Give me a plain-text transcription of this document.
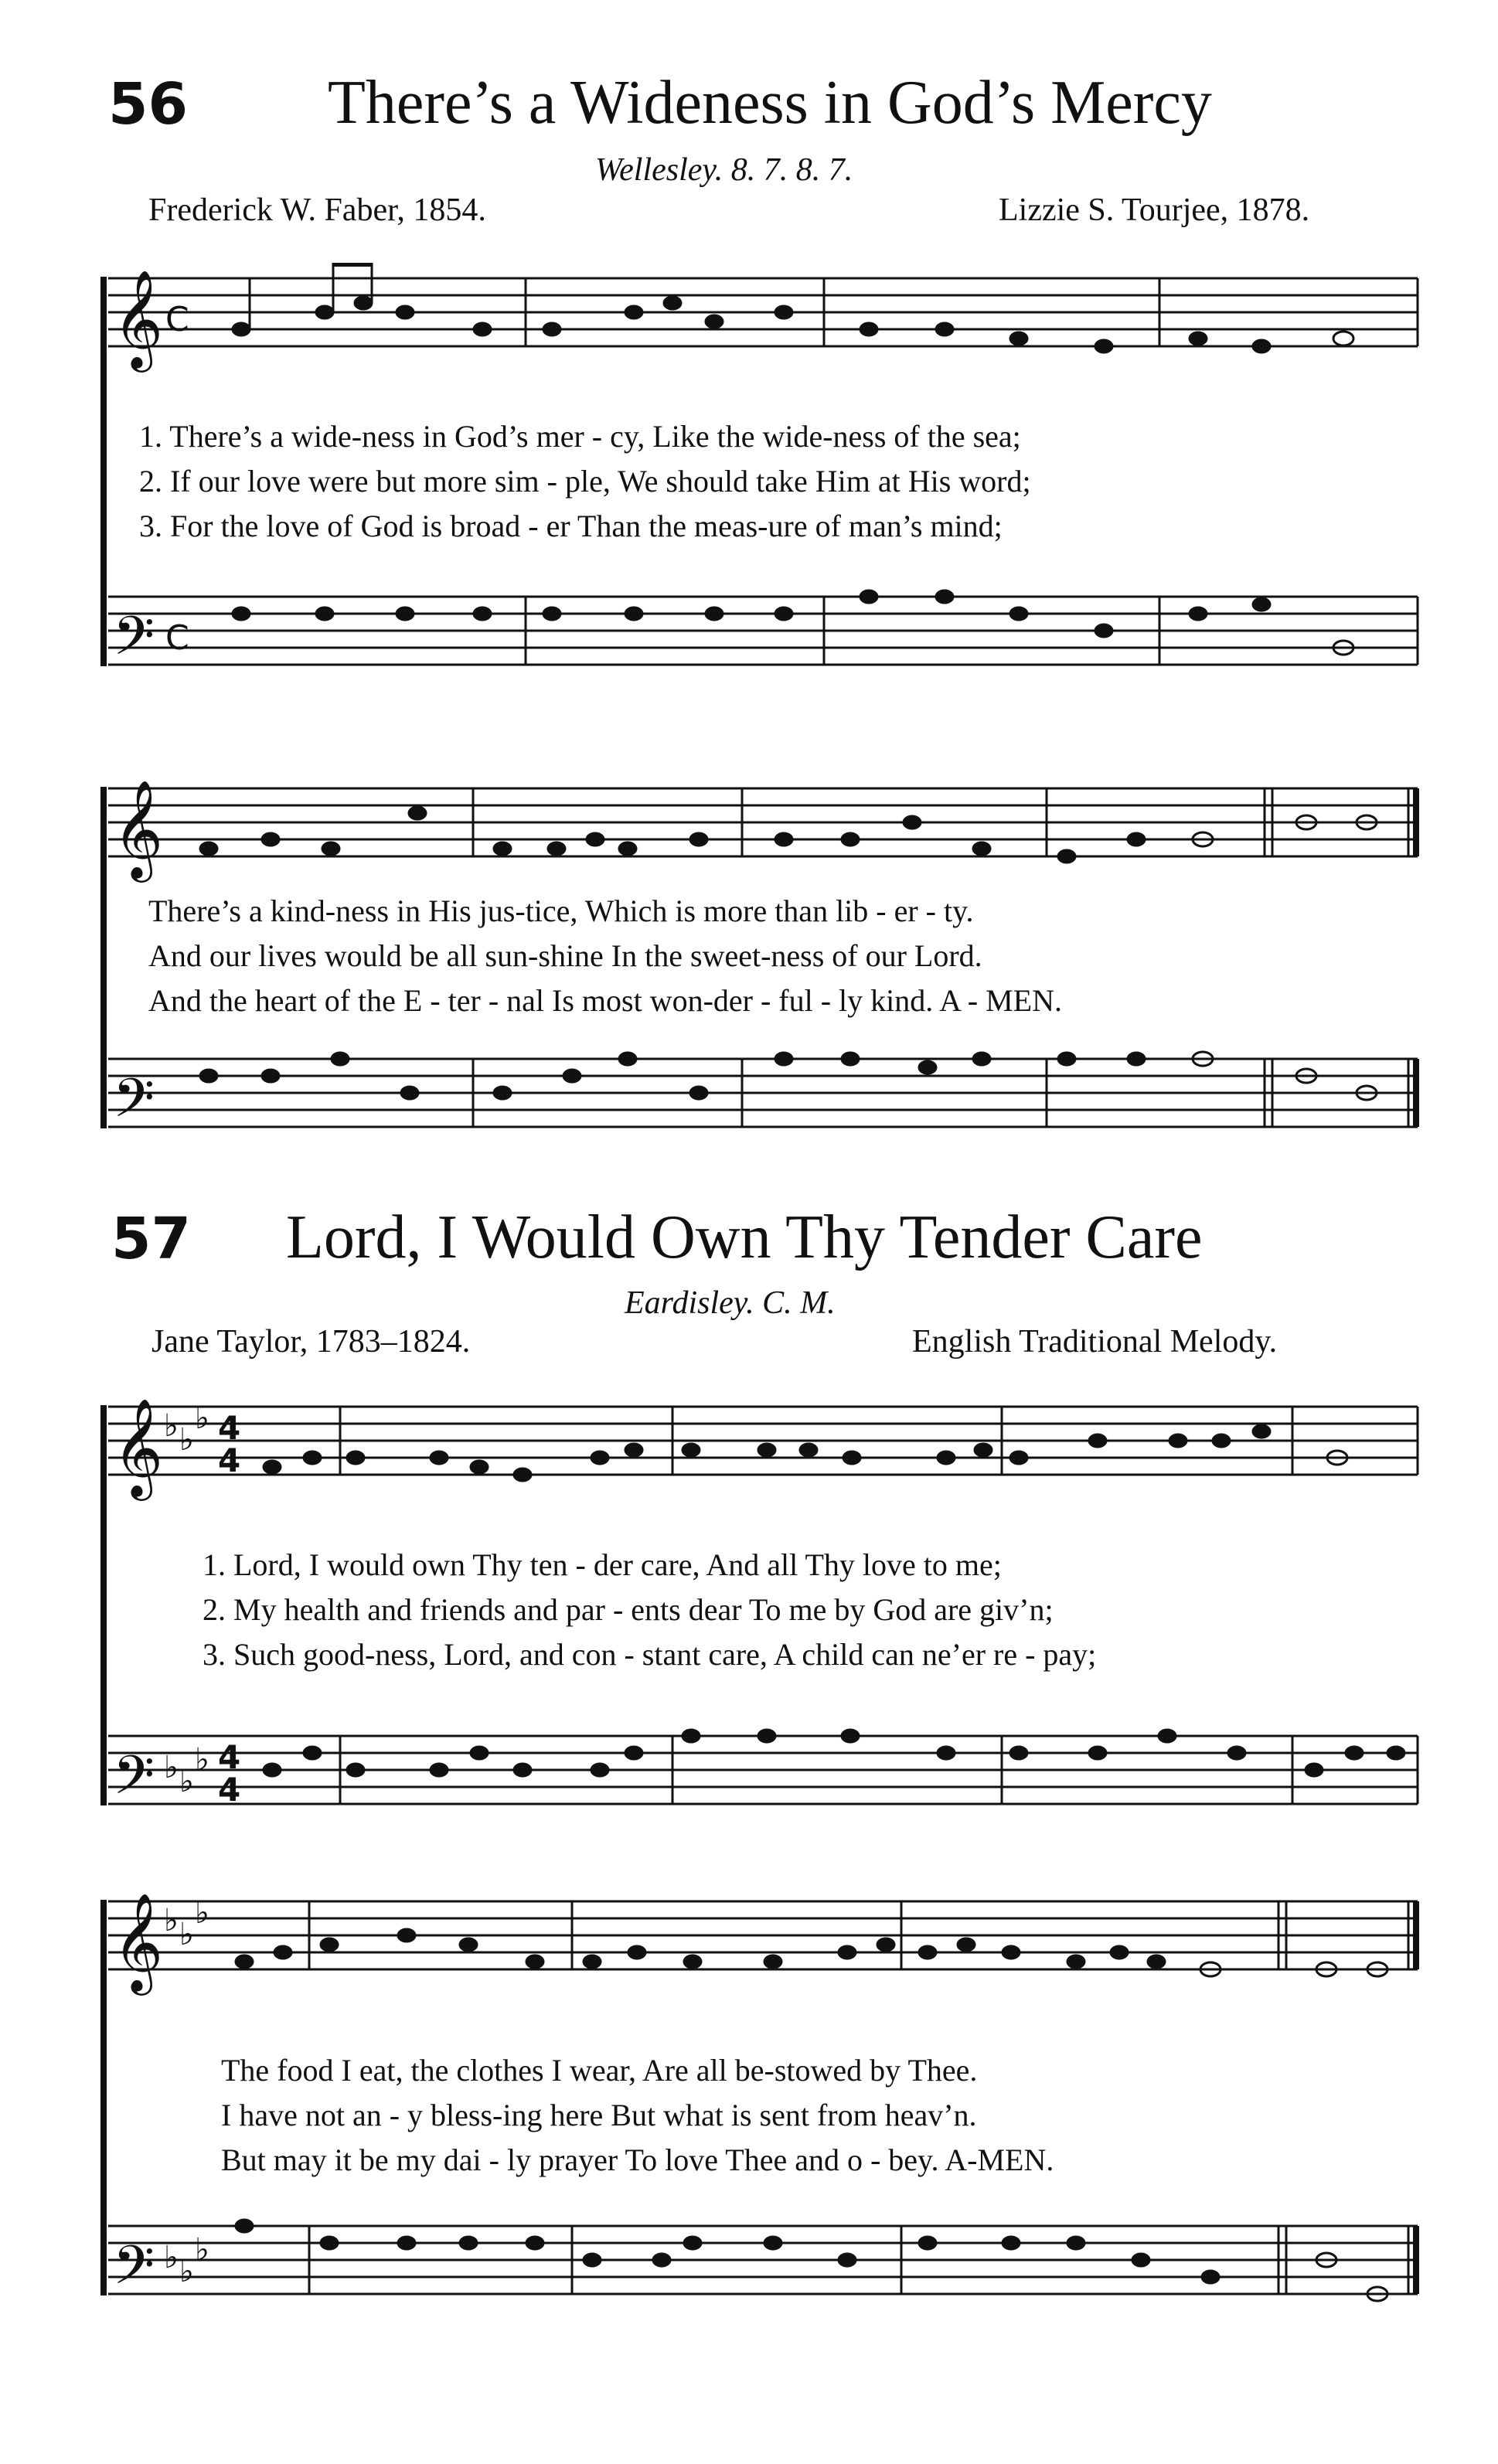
56 There’s a Wideness in God’s Mercy
Wellesley. 8. 7. 8. 7.
Frederick W. Faber, 1854.	Lizzie S. Tourjee, 1878.
𝄞 C
𝄢 C
1. There’s a wide-ness in God’s mer - cy, Like the wide-ness of the sea;
2. If our love were but more sim - ple, We should take Him at His word;
3. For the love of God is broad - er Than the meas-ure of man’s mind;
𝄞
𝄢
There’s a kind-ness in His jus-tice, Which is more than lib - er - ty.
And our lives would be all sun-shine In the sweet-ness of our Lord.
And the heart of the E - ter - nal Is most won-der - ful - ly kind. A - MEN.
57 Lord, I Would Own Thy Tender Care
Eardisley. C. M.
Jane Taylor, 1783–1824.	English Traditional Melody.
𝄞 ♭ ♭
♭ 4
4
𝄢 ♭ ♭
♭ 4
4
1. Lord, I would own Thy ten - der care, And all Thy love to me;
2. My health and friends and par - ents dear To me by God are giv’n;
3. Such good-ness, Lord, and con - stant care, A child can ne’er re - pay;
𝄞 ♭ ♭
♭
𝄢 ♭ ♭
♭
The food I eat, the clothes I wear, Are all be-stowed by Thee.
I have not an - y bless-ing here But what is sent from heav’n.
But may it be my dai - ly prayer To love Thee and o - bey. A-MEN.
